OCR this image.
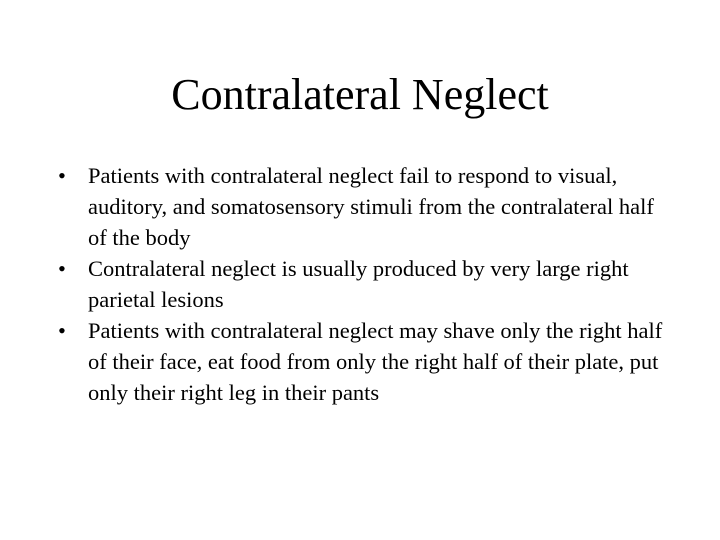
Contralateral Neglect
• Patients with contralateral neglect fail to respond to visual, auditory, and somatosensory stimuli from the contralateral half of the body
• Contralateral neglect is usually produced by very large right parietal lesions
• Patients with contralateral neglect may shave only the right half of their face, eat food from only the right half of their plate, put only their right leg in their pants
